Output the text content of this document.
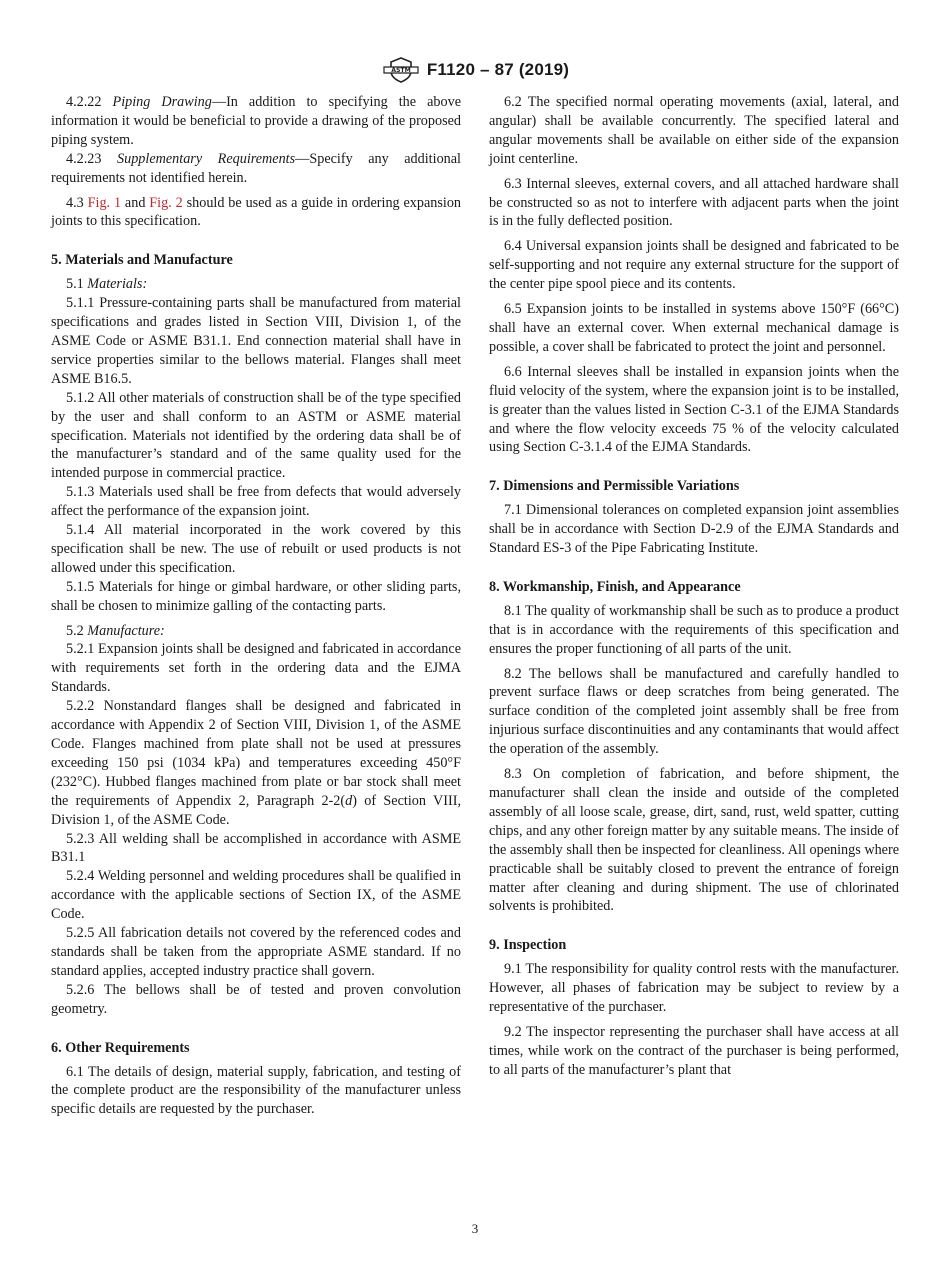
ASTM F1120 – 87 (2019)

4.2.22 Piping Drawing—In addition to specifying the above information it would be beneficial to provide a drawing of the proposed piping system.

4.2.23 Supplementary Requirements—Specify any additional requirements not identified herein.

4.3 Fig. 1 and Fig. 2 should be used as a guide in ordering expansion joints to this specification.

5. Materials and Manufacture

5.1 Materials:

5.1.1 Pressure-containing parts shall be manufactured from material specifications and grades listed in Section VIII, Division 1, of the ASME Code or ASME B31.1. End connection material shall have in service properties similar to the bellows material. Flanges shall meet ASME B16.5.

5.1.2 All other materials of construction shall be of the type specified by the user and shall conform to an ASTM or ASME material specification. Materials not identified by the ordering data shall be of the manufacturer’s standard and of the same quality used for the intended purpose in commercial practice.

5.1.3 Materials used shall be free from defects that would adversely affect the performance of the expansion joint.

5.1.4 All material incorporated in the work covered by this specification shall be new. The use of rebuilt or used products is not allowed under this specification.

5.1.5 Materials for hinge or gimbal hardware, or other sliding parts, shall be chosen to minimize galling of the contacting parts.

5.2 Manufacture:

5.2.1 Expansion joints shall be designed and fabricated in accordance with requirements set forth in the ordering data and the EJMA Standards.

5.2.2 Nonstandard flanges shall be designed and fabricated in accordance with Appendix 2 of Section VIII, Division 1, of the ASME Code. Flanges machined from plate shall not be used at pressures exceeding 150 psi (1034 kPa) and temperatures exceeding 450°F (232°C). Hubbed flanges machined from plate or bar stock shall meet the requirements of Appendix 2, Paragraph 2-2(d) of Section VIII, Division 1, of the ASME Code.

5.2.3 All welding shall be accomplished in accordance with ASME B31.1

5.2.4 Welding personnel and welding procedures shall be qualified in accordance with the applicable sections of Section IX, of the ASME Code.

5.2.5 All fabrication details not covered by the referenced codes and standards shall be taken from the appropriate ASME standard. If no standard applies, accepted industry practice shall govern.

5.2.6 The bellows shall be of tested and proven convolution geometry.

6. Other Requirements

6.1 The details of design, material supply, fabrication, and testing of the complete product are the responsibility of the manufacturer unless specific details are requested by the purchaser.

6.2 The specified normal operating movements (axial, lateral, and angular) shall be available concurrently. The specified lateral and angular movements shall be available on either side of the expansion joint centerline.

6.3 Internal sleeves, external covers, and all attached hardware shall be constructed so as not to interfere with adjacent parts when the joint is in the fully deflected position.

6.4 Universal expansion joints shall be designed and fabricated to be self-supporting and not require any external structure for the support of the center pipe spool piece and its contents.

6.5 Expansion joints to be installed in systems above 150°F (66°C) shall have an external cover. When external mechanical damage is possible, a cover shall be fabricated to protect the joint and personnel.

6.6 Internal sleeves shall be installed in expansion joints when the fluid velocity of the system, where the expansion joint is to be installed, is greater than the values listed in Section C-3.1 of the EJMA Standards and where the flow velocity exceeds 75 % of the velocity calculated using Section C-3.1.4 of the EJMA Standards.

7. Dimensions and Permissible Variations

7.1 Dimensional tolerances on completed expansion joint assemblies shall be in accordance with Section D-2.9 of the EJMA Standards and Standard ES-3 of the Pipe Fabricating Institute.

8. Workmanship, Finish, and Appearance

8.1 The quality of workmanship shall be such as to produce a product that is in accordance with the requirements of this specification and ensures the proper functioning of all parts of the unit.

8.2 The bellows shall be manufactured and carefully handled to prevent surface flaws or deep scratches from being generated. The surface condition of the completed joint assembly shall be free from injurious surface discontinuities and any contaminants that would affect the operation of the assembly.

8.3 On completion of fabrication, and before shipment, the manufacturer shall clean the inside and outside of the completed assembly of all loose scale, grease, dirt, sand, rust, weld spatter, cutting chips, and any other foreign matter by any suitable means. The inside of the assembly shall then be inspected for cleanliness. All openings where practicable shall be suitably closed to prevent the entrance of foreign matter after cleaning and during shipment. The use of chlorinated solvents is prohibited.

9. Inspection

9.1 The responsibility for quality control rests with the manufacturer. However, all phases of fabrication may be subject to review by a representative of the purchaser.

9.2 The inspector representing the purchaser shall have access at all times, while work on the contract of the purchaser is being performed, to all parts of the manufacturer’s plant that

3
